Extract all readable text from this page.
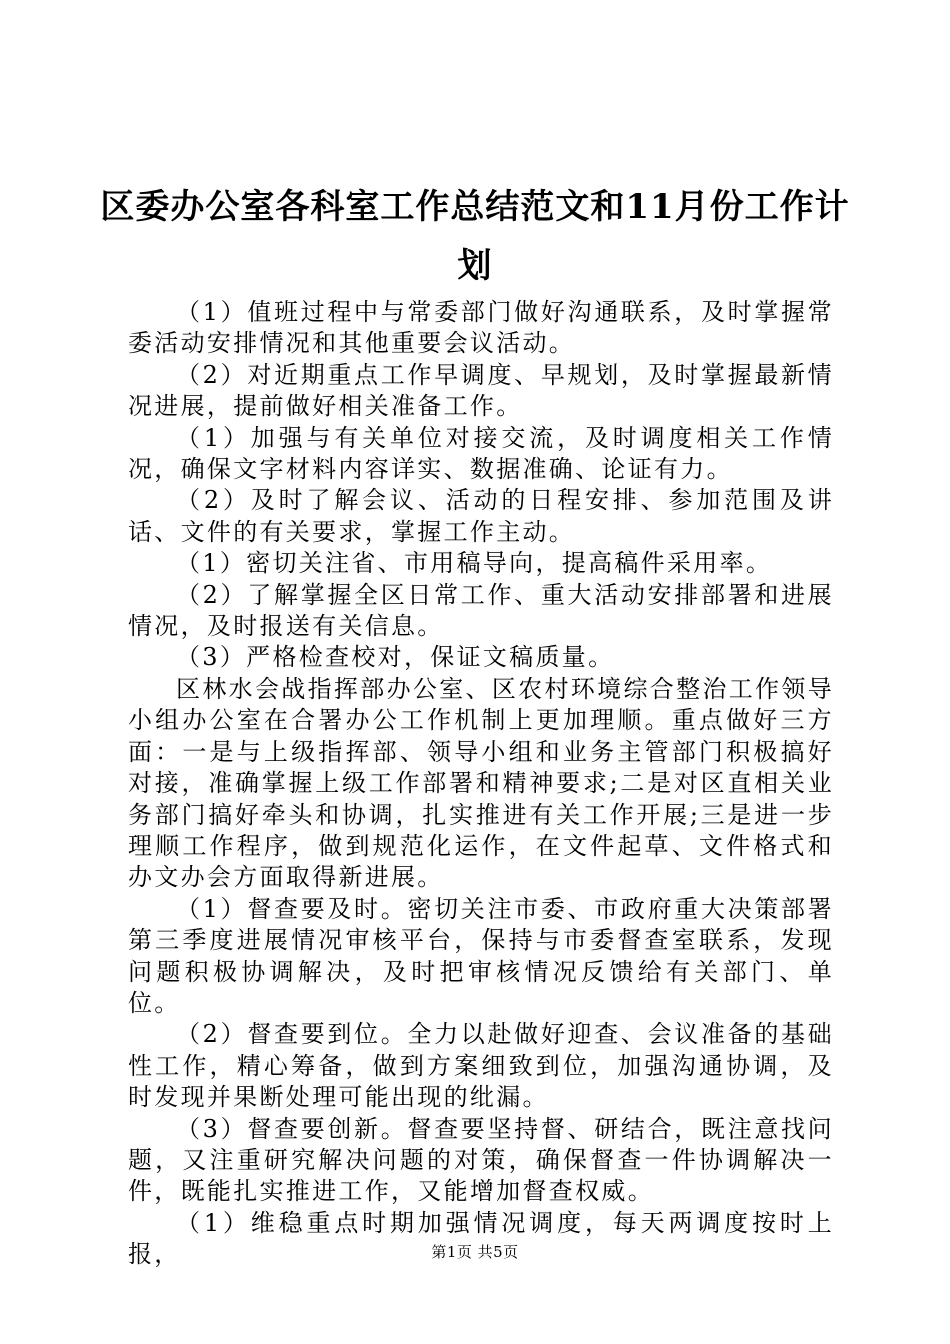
区委办公室各科室工作总结范文和11月份工作计划

（1）值班过程中与常委部门做好沟通联系，及时掌握常委活动安排情况和其他重要会议活动。

（2）对近期重点工作早调度、早规划，及时掌握最新情况进展，提前做好相关准备工作。

（1）加强与有关单位对接交流，及时调度相关工作情况，确保文字材料内容详实、数据准确、论证有力。

（2）及时了解会议、活动的日程安排、参加范围及讲话、文件的有关要求，掌握工作主动。

（1）密切关注省、市用稿导向，提高稿件采用率。

（2）了解掌握全区日常工作、重大活动安排部署和进展情况，及时报送有关信息。

（3）严格检查校对，保证文稿质量。

区林水会战指挥部办公室、区农村环境综合整治工作领导小组办公室在合署办公工作机制上更加理顺。重点做好三方面：一是与上级指挥部、领导小组和业务主管部门积极搞好对接，准确掌握上级工作部署和精神要求;二是对区直相关业务部门搞好牵头和协调，扎实推进有关工作开展;三是进一步理顺工作程序，做到规范化运作，在文件起草、文件格式和办文办会方面取得新进展。

（1）督查要及时。密切关注市委、市政府重大决策部署第三季度进展情况审核平台，保持与市委督查室联系，发现问题积极协调解决，及时把审核情况反馈给有关部门、单位。

（2）督查要到位。全力以赴做好迎查、会议准备的基础性工作，精心筹备，做到方案细致到位，加强沟通协调，及时发现并果断处理可能出现的纰漏。

（3）督查要创新。督查要坚持督、研结合，既注意找问题，又注重研究解决问题的对策，确保督查一件协调解决一件，既能扎实推进工作，又能增加督查权威。

（1）维稳重点时期加强情况调度，每天两调度按时上报，	第1页 共5页
